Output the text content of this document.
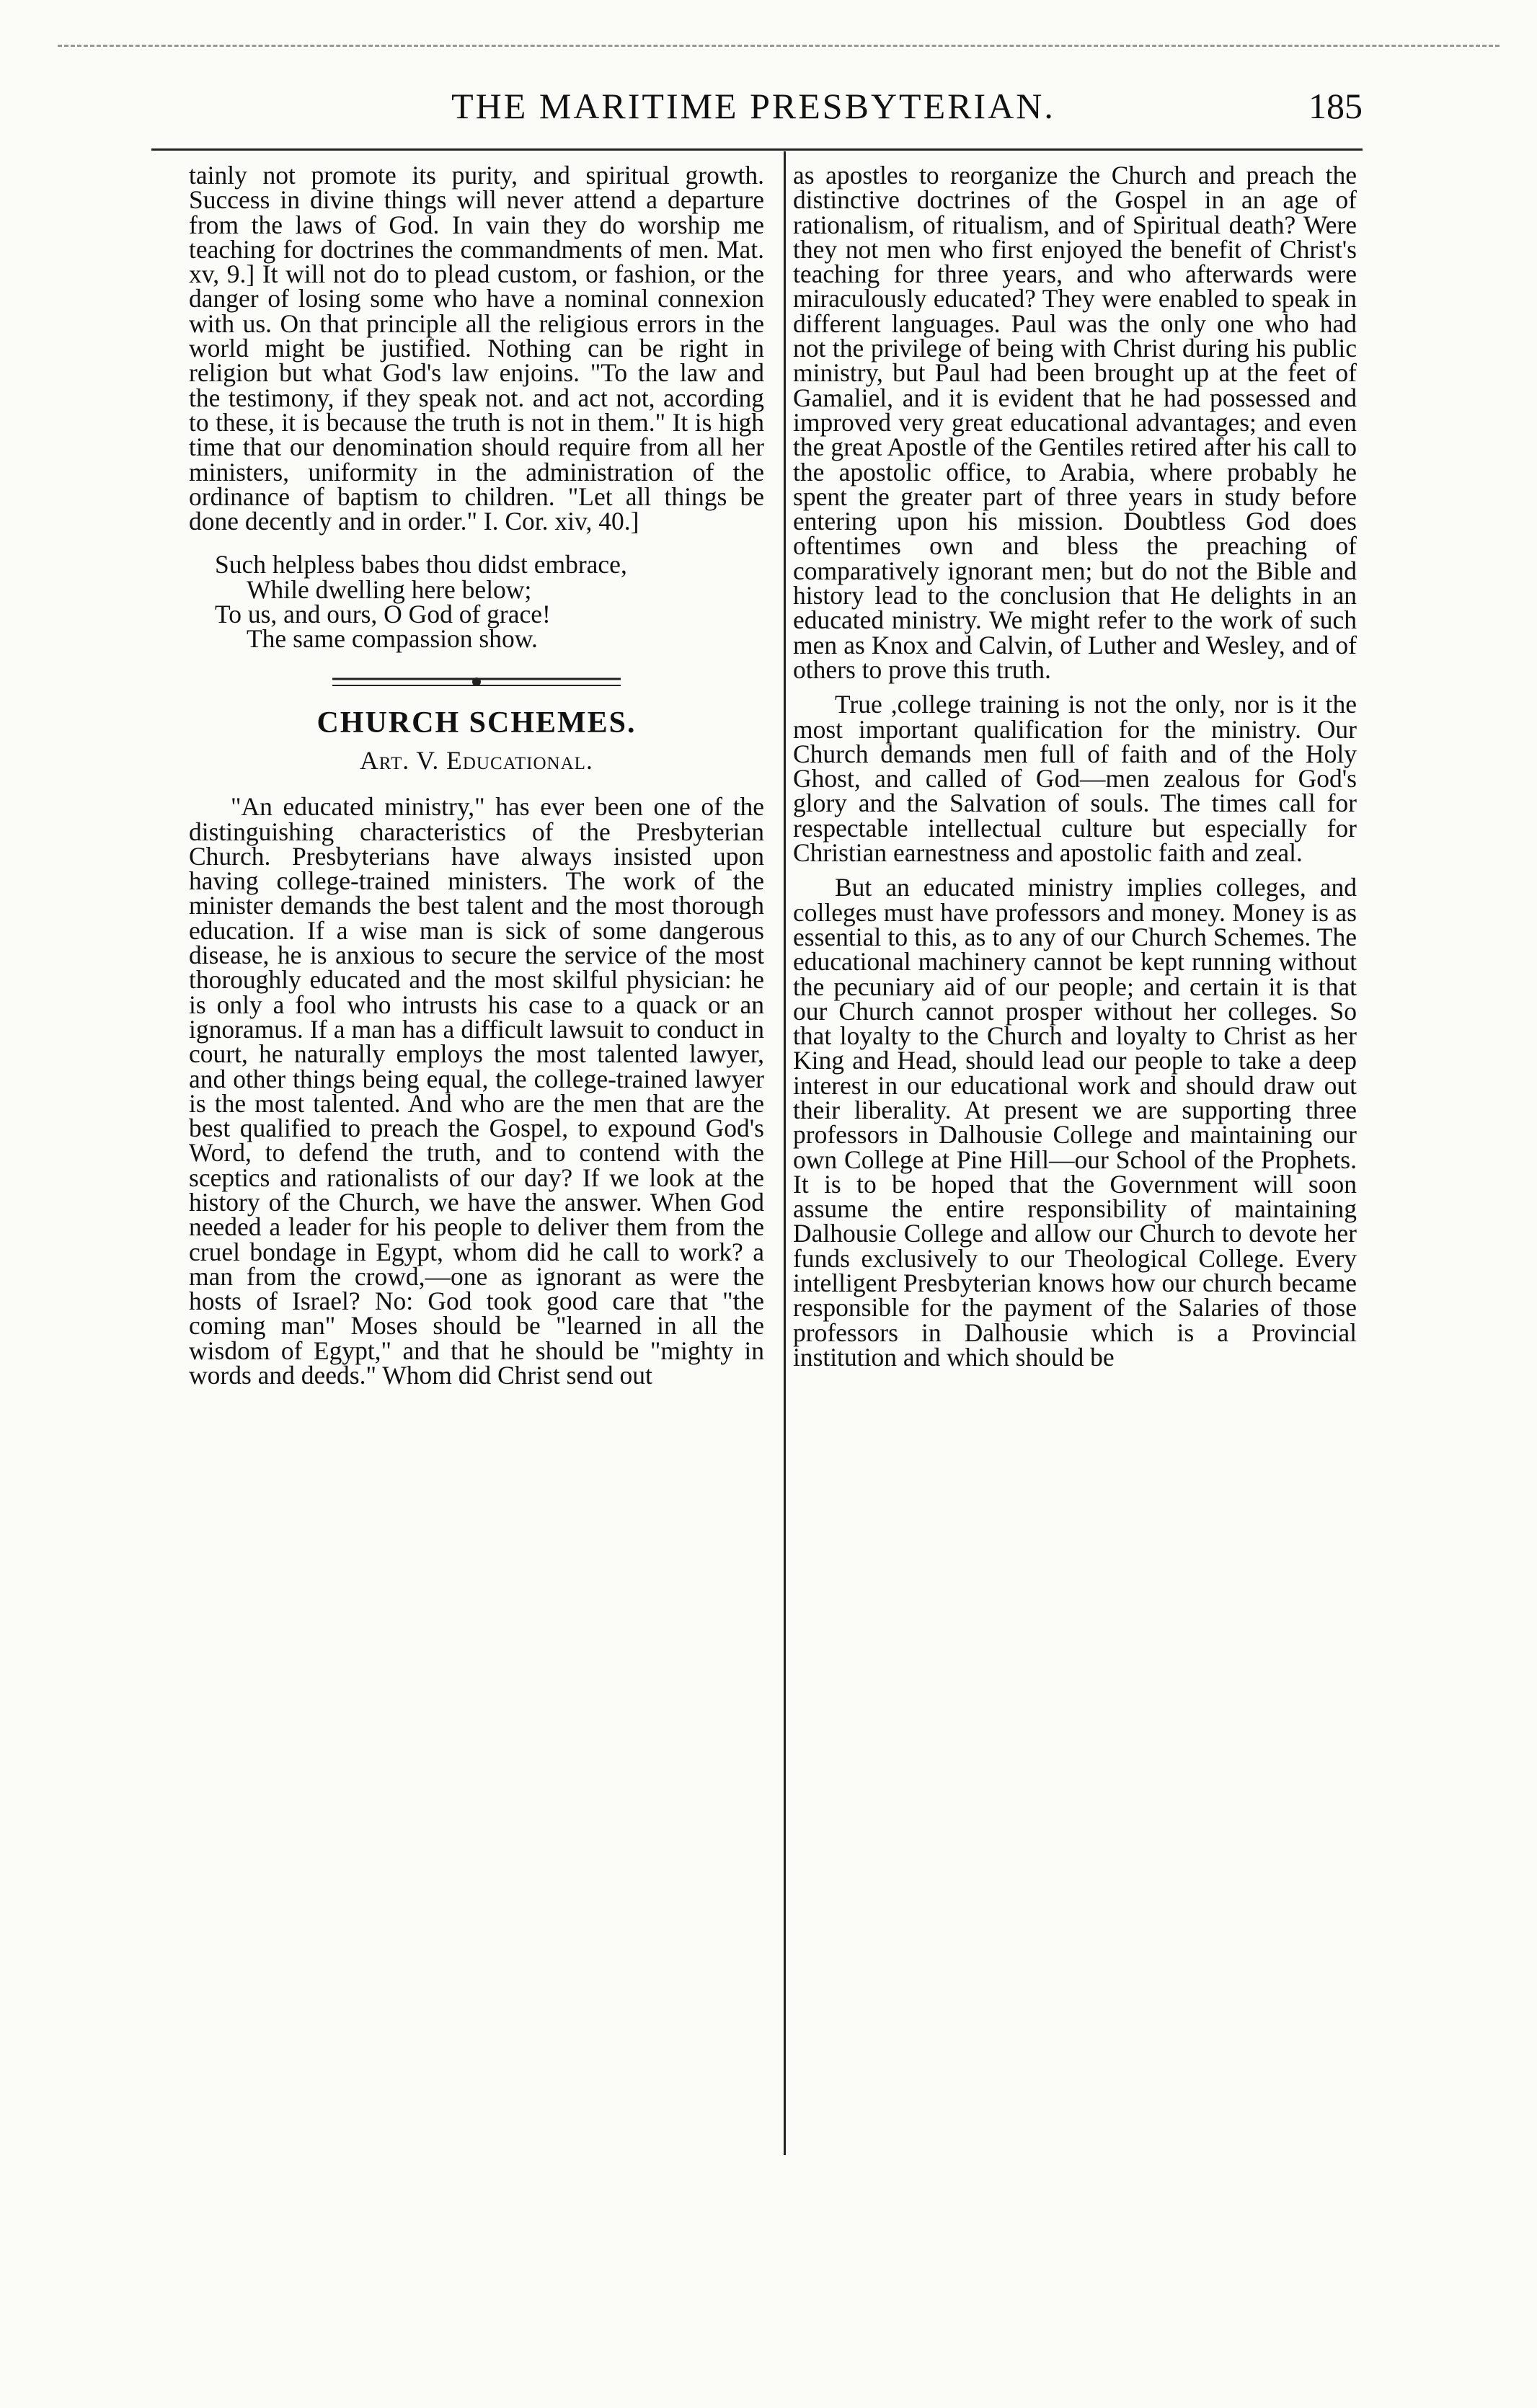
THE MARITIME PRESBYTERIAN.	185

tainly not promote its purity, and spiritual growth. Success in divine things will never attend a departure from the laws of God. In vain they do worship me teaching for doctrines the commandments of men. Mat. xv, 9.] It will not do to plead custom, or fashion, or the danger of losing some who have a nominal connexion with us. On that principle all the religious errors in the world might be justified. Nothing can be right in religion but what God's law enjoins. "To the law and the testimony, if they speak not. and act not, according to these, it is because the truth is not in them." It is high time that our denomination should require from all her ministers, uniformity in the administration of the ordinance of baptism to children. "Let all things be done decently and in order." I. Cor. xiv, 40.]

Such helpless babes thou didst embrace,
While dwelling here below;
To us, and ours, O God of grace!
The same compassion show.
CHURCH SCHEMES.
Art. V. Educational.

"An educated ministry," has ever been one of the distinguishing characteristics of the Presbyterian Church. Presbyterians have always insisted upon having college-trained ministers. The work of the minister demands the best talent and the most thorough education. If a wise man is sick of some dangerous disease, he is anxious to secure the service of the most thoroughly educated and the most skilful physician: he is only a fool who intrusts his case to a quack or an ignoramus. If a man has a difficult lawsuit to conduct in court, he naturally employs the most talented lawyer, and other things being equal, the college-trained lawyer is the most talented. And who are the men that are the best qualified to preach the Gospel, to expound God's Word, to defend the truth, and to contend with the sceptics and rationalists of our day? If we look at the history of the Church, we have the answer. When God needed a leader for his people to deliver them from the cruel bondage in Egypt, whom did he call to work? a man from the crowd,—one as ignorant as were the hosts of Israel? No: God took good care that "the coming man" Moses should be "learned in all the wisdom of Egypt," and that he should be "mighty in words and deeds." Whom did Christ send out

as apostles to reorganize the Church and preach the distinctive doctrines of the Gospel in an age of rationalism, of ritualism, and of Spiritual death? Were they not men who first enjoyed the benefit of Christ's teaching for three years, and who afterwards were miraculously educated? They were enabled to speak in different languages. Paul was the only one who had not the privilege of being with Christ during his public ministry, but Paul had been brought up at the feet of Gamaliel, and it is evident that he had possessed and improved very great educational advantages; and even the great Apostle of the Gentiles retired after his call to the apostolic office, to Arabia, where probably he spent the greater part of three years in study before entering upon his mission. Doubtless God does oftentimes own and bless the preaching of comparatively ignorant men; but do not the Bible and history lead to the conclusion that He delights in an educated ministry. We might refer to the work of such men as Knox and Calvin, of Luther and Wesley, and of others to prove this truth.

True ,college training is not the only, nor is it the most important qualification for the ministry. Our Church demands men full of faith and of the Holy Ghost, and called of God—men zealous for God's glory and the Salvation of souls. The times call for respectable intellectual culture but especially for Christian earnestness and apostolic faith and zeal.

But an educated ministry implies colleges, and colleges must have professors and money. Money is as essential to this, as to any of our Church Schemes. The educational machinery cannot be kept running without the pecuniary aid of our people; and certain it is that our Church cannot prosper without her colleges. So that loyalty to the Church and loyalty to Christ as her King and Head, should lead our people to take a deep interest in our educational work and should draw out their liberality. At present we are supporting three professors in Dalhousie College and maintaining our own College at Pine Hill—our School of the Prophets. It is to be hoped that the Government will soon assume the entire responsibility of maintaining Dalhousie College and allow our Church to devote her funds exclusively to our Theological College. Every intelligent Presbyterian knows how our church became responsible for the payment of the Salaries of those professors in Dalhousie which is a Provincial institution and which should be
